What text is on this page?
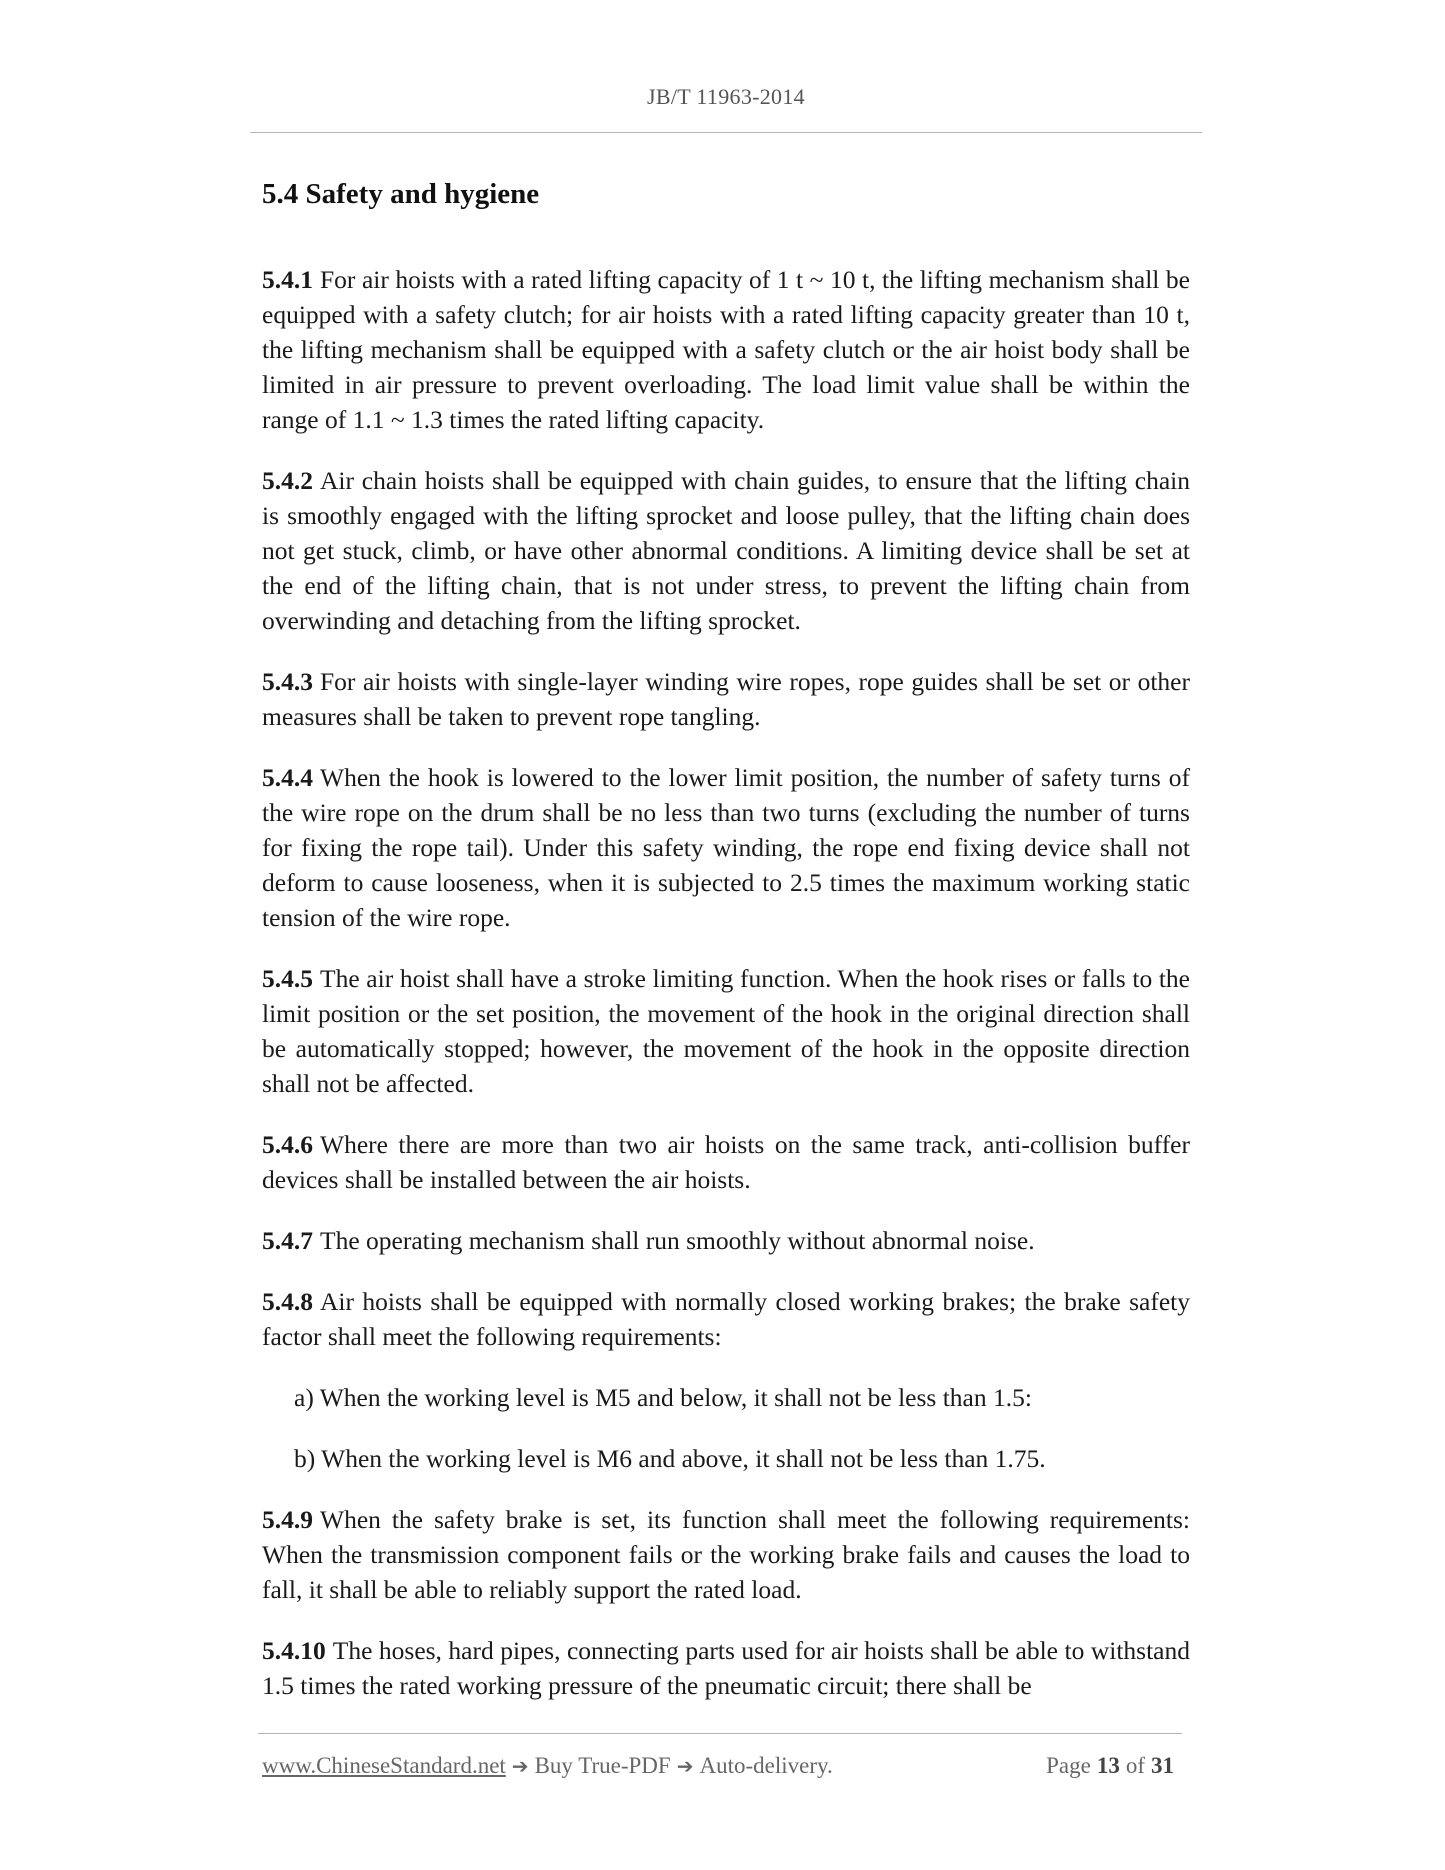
JB/T 11963-2014
5.4 Safety and hygiene

5.4.1 For air hoists with a rated lifting capacity of 1 t ~ 10 t, the lifting mechanism shall be equipped with a safety clutch; for air hoists with a rated lifting capacity greater than 10 t, the lifting mechanism shall be equipped with a safety clutch or the air hoist body shall be limited in air pressure to prevent overloading. The load limit value shall be within the range of 1.1 ~ 1.3 times the rated lifting capacity.

5.4.2 Air chain hoists shall be equipped with chain guides, to ensure that the lifting chain is smoothly engaged with the lifting sprocket and loose pulley, that the lifting chain does not get stuck, climb, or have other abnormal conditions. A limiting device shall be set at the end of the lifting chain, that is not under stress, to prevent the lifting chain from overwinding and detaching from the lifting sprocket.

5.4.3 For air hoists with single-layer winding wire ropes, rope guides shall be set or other measures shall be taken to prevent rope tangling.

5.4.4 When the hook is lowered to the lower limit position, the number of safety turns of the wire rope on the drum shall be no less than two turns (excluding the number of turns for fixing the rope tail). Under this safety winding, the rope end fixing device shall not deform to cause looseness, when it is subjected to 2.5 times the maximum working static tension of the wire rope.

5.4.5 The air hoist shall have a stroke limiting function. When the hook rises or falls to the limit position or the set position, the movement of the hook in the original direction shall be automatically stopped; however, the movement of the hook in the opposite direction shall not be affected.

5.4.6 Where there are more than two air hoists on the same track, anti-collision buffer devices shall be installed between the air hoists.

5.4.7 The operating mechanism shall run smoothly without abnormal noise.

5.4.8 Air hoists shall be equipped with normally closed working brakes; the brake safety factor shall meet the following requirements:

a) When the working level is M5 and below, it shall not be less than 1.5:

b) When the working level is M6 and above, it shall not be less than 1.75.

5.4.9 When the safety brake is set, its function shall meet the following requirements: When the transmission component fails or the working brake fails and causes the load to fall, it shall be able to reliably support the rated load.

5.4.10 The hoses, hard pipes, connecting parts used for air hoists shall be able to withstand 1.5 times the rated working pressure of the pneumatic circuit; there shall be

www.ChineseStandard.net ➔ Buy True-PDF ➔ Auto-delivery.	Page 13 of 31
